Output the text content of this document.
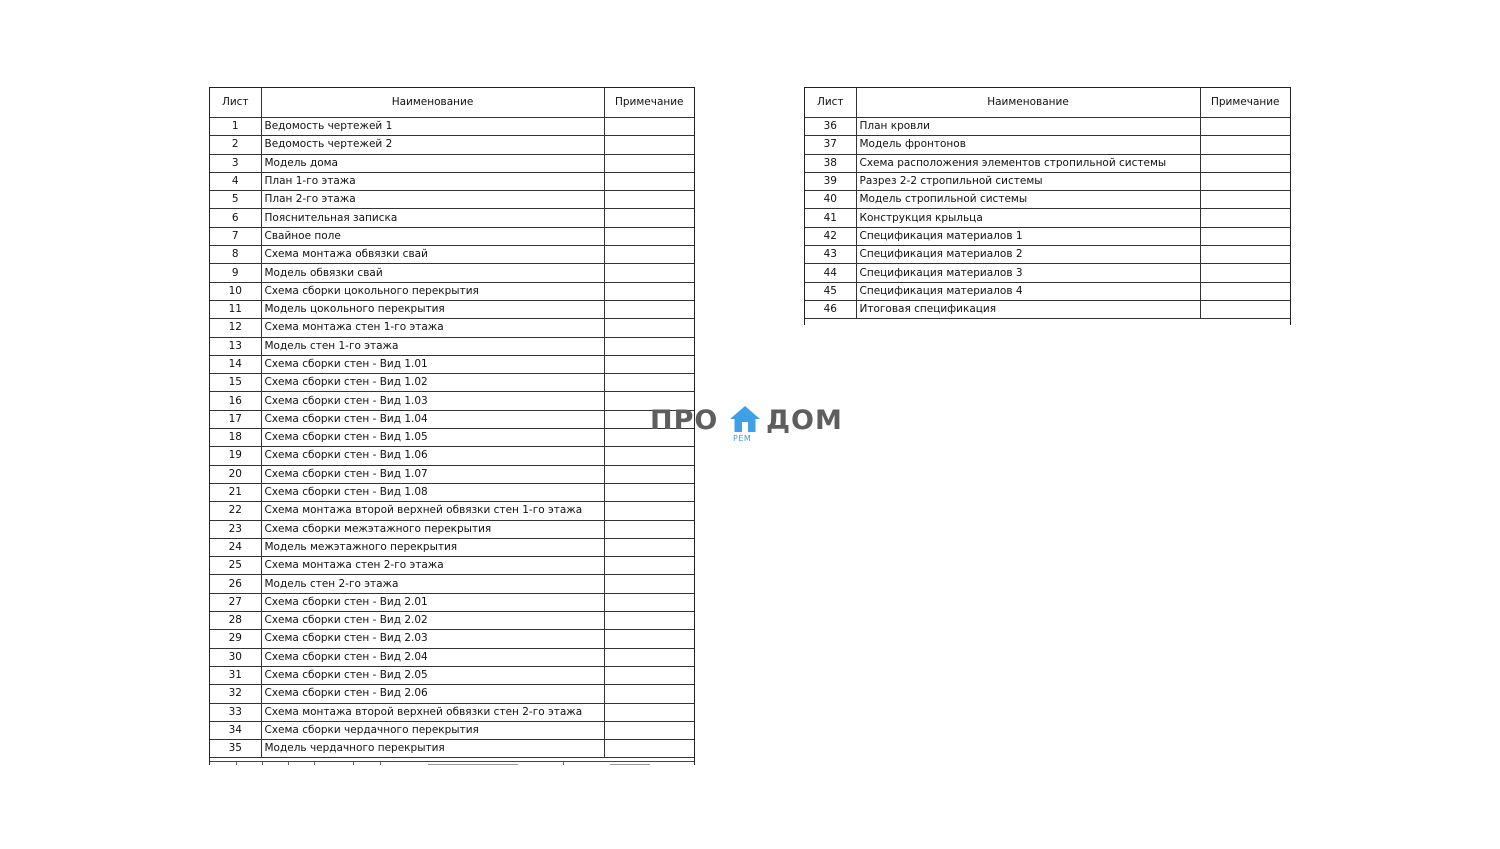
Лист	Наименование	Примечание
1	Ведомость чертежей 1	
2	Ведомость чертежей 2	
3	Модель дома	
4	План 1-го этажа	
5	План 2-го этажа	
6	Пояснительная записка	
7	Свайное поле	
8	Схема монтажа обвязки свай	
9	Модель обвязки свай	
10	Схема сборки цокольного перекрытия	
11	Модель цокольного перекрытия	
12	Схема монтажа стен 1-го этажа	
13	Модель стен 1-го этажа	
14	Схема сборки стен - Вид 1.01	
15	Схема сборки стен - Вид 1.02	
16	Схема сборки стен - Вид 1.03	
17	Схема сборки стен - Вид 1.04	
18	Схема сборки стен - Вид 1.05	
19	Схема сборки стен - Вид 1.06	
20	Схема сборки стен - Вид 1.07	
21	Схема сборки стен - Вид 1.08	
22	Схема монтажа второй верхней обвязки стен 1-го этажа	
23	Схема сборки межэтажного перекрытия	
24	Модель межэтажного перекрытия	
25	Схема монтажа стен 2-го этажа	
26	Модель стен 2-го этажа	
27	Схема сборки стен - Вид 2.01	
28	Схема сборки стен - Вид 2.02	
29	Схема сборки стен - Вид 2.03	
30	Схема сборки стен - Вид 2.04	
31	Схема сборки стен - Вид 2.05	
32	Схема сборки стен - Вид 2.06	
33	Схема монтажа второй верхней обвязки стен 2-го этажа	
34	Схема сборки чердачного перекрытия	
35	Модель чердачного перекрытия	
Лист	Наименование	Примечание
36	План кровли	
37	Модель фронтонов	
38	Схема расположения элементов стропильной системы	
39	Разрез 2-2 стропильной системы	
40	Модель стропильной системы	
41	Конструкция крыльца	
42	Спецификация материалов 1	
43	Спецификация материалов 2	
44	Спецификация материалов 3	
45	Спецификация материалов 4	
46	Итоговая спецификация	
ПРО ДОМ
РЕМ
